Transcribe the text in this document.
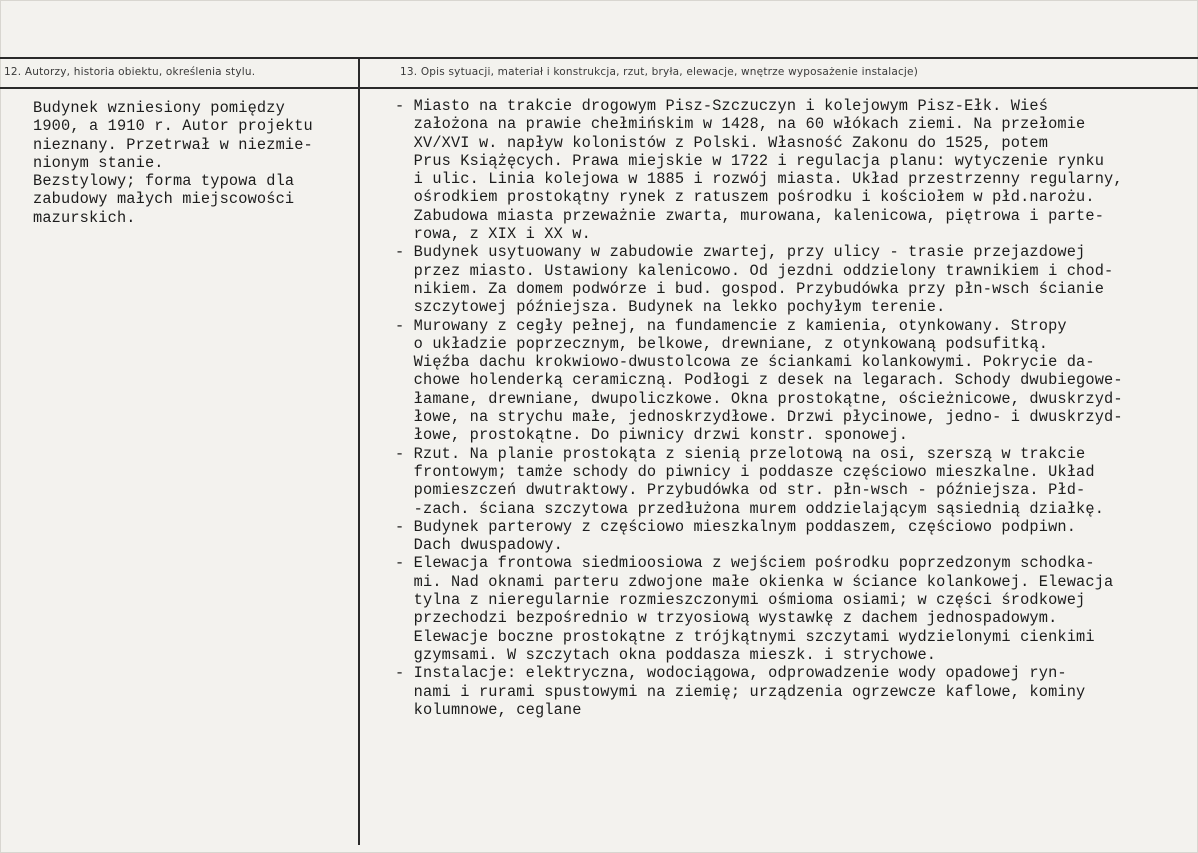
12. Autorzy, historia obiektu, określenia stylu.	13. Opis sytuacji, materiał i konstrukcja, rzut, bryła, elewacje, wnętrze wyposażenie instalacje)
Budynek wzniesiony pomiędzy
1900, a 1910 r. Autor projektu
nieznany. Przetrwał w niezmie-
nionym stanie.
Bezstylowy; forma typowa dla
zabudowy małych miejscowości
mazurskich.
- Miasto na trakcie drogowym Pisz-Szczuczyn i kolejowym Pisz-Ełk. Wieś
założona na prawie chełmińskim w 1428, na 60 włókach ziemi. Na przełomie
XV/XVI w. napływ kolonistów z Polski. Własność Zakonu do 1525, potem
Prus Książęcych. Prawa miejskie w 1722 i regulacja planu: wytyczenie rynku
i ulic. Linia kolejowa w 1885 i rozwój miasta. Układ przestrzenny regularny,
ośrodkiem prostokątny rynek z ratuszem pośrodku i kościołem w płd.narożu.
Zabudowa miasta przeważnie zwarta, murowana, kalenicowa, piętrowa i parte-
rowa, z XIX i XX w.
- Budynek usytuowany w zabudowie zwartej, przy ulicy - trasie przejazdowej
przez miasto. Ustawiony kalenicowo. Od jezdni oddzielony trawnikiem i chod-
nikiem. Za domem podwórze i bud. gospod. Przybudówka przy płn-wsch ścianie
szczytowej późniejsza. Budynek na lekko pochyłym terenie.
- Murowany z cegły pełnej, na fundamencie z kamienia, otynkowany. Stropy
o układzie poprzecznym, belkowe, drewniane, z otynkowaną podsufitką.
Więźba dachu krokwiowo-dwustolcowa ze ściankami kolankowymi. Pokrycie da-
chowe holenderką ceramiczną. Podłogi z desek na legarach. Schody dwubiegowe-
łamane, drewniane, dwupoliczkowe. Okna prostokątne, ościeżnicowe, dwuskrzyd-
łowe, na strychu małe, jednoskrzydłowe. Drzwi płycinowe, jedno- i dwuskrzyd-
łowe, prostokątne. Do piwnicy drzwi konstr. sponowej.
- Rzut. Na planie prostokąta z sienią przelotową na osi, szerszą w trakcie
frontowym; tamże schody do piwnicy i poddasze częściowo mieszkalne. Układ
pomieszczeń dwutraktowy. Przybudówka od str. płn-wsch - późniejsza. Płd-
-zach. ściana szczytowa przedłużona murem oddzielającym sąsiednią działkę.
- Budynek parterowy z częściowo mieszkalnym poddaszem, częściowo podpiwn.
Dach dwuspadowy.
- Elewacja frontowa siedmioosiowa z wejściem pośrodku poprzedzonym schodka-
mi. Nad oknami parteru zdwojone małe okienka w ściance kolankowej. Elewacja
tylna z nieregularnie rozmieszczonymi ośmioma osiami; w części środkowej
przechodzi bezpośrednio w trzyosiową wystawkę z dachem jednospadowym.
Elewacje boczne prostokątne z trójkątnymi szczytami wydzielonymi cienkimi
gzymsami. W szczytach okna poddasza mieszk. i strychowe.
- Instalacje: elektryczna, wodociągowa, odprowadzenie wody opadowej ryn-
nami i rurami spustowymi na ziemię; urządzenia ogrzewcze kaflowe, kominy
kolumnowe, ceglane
